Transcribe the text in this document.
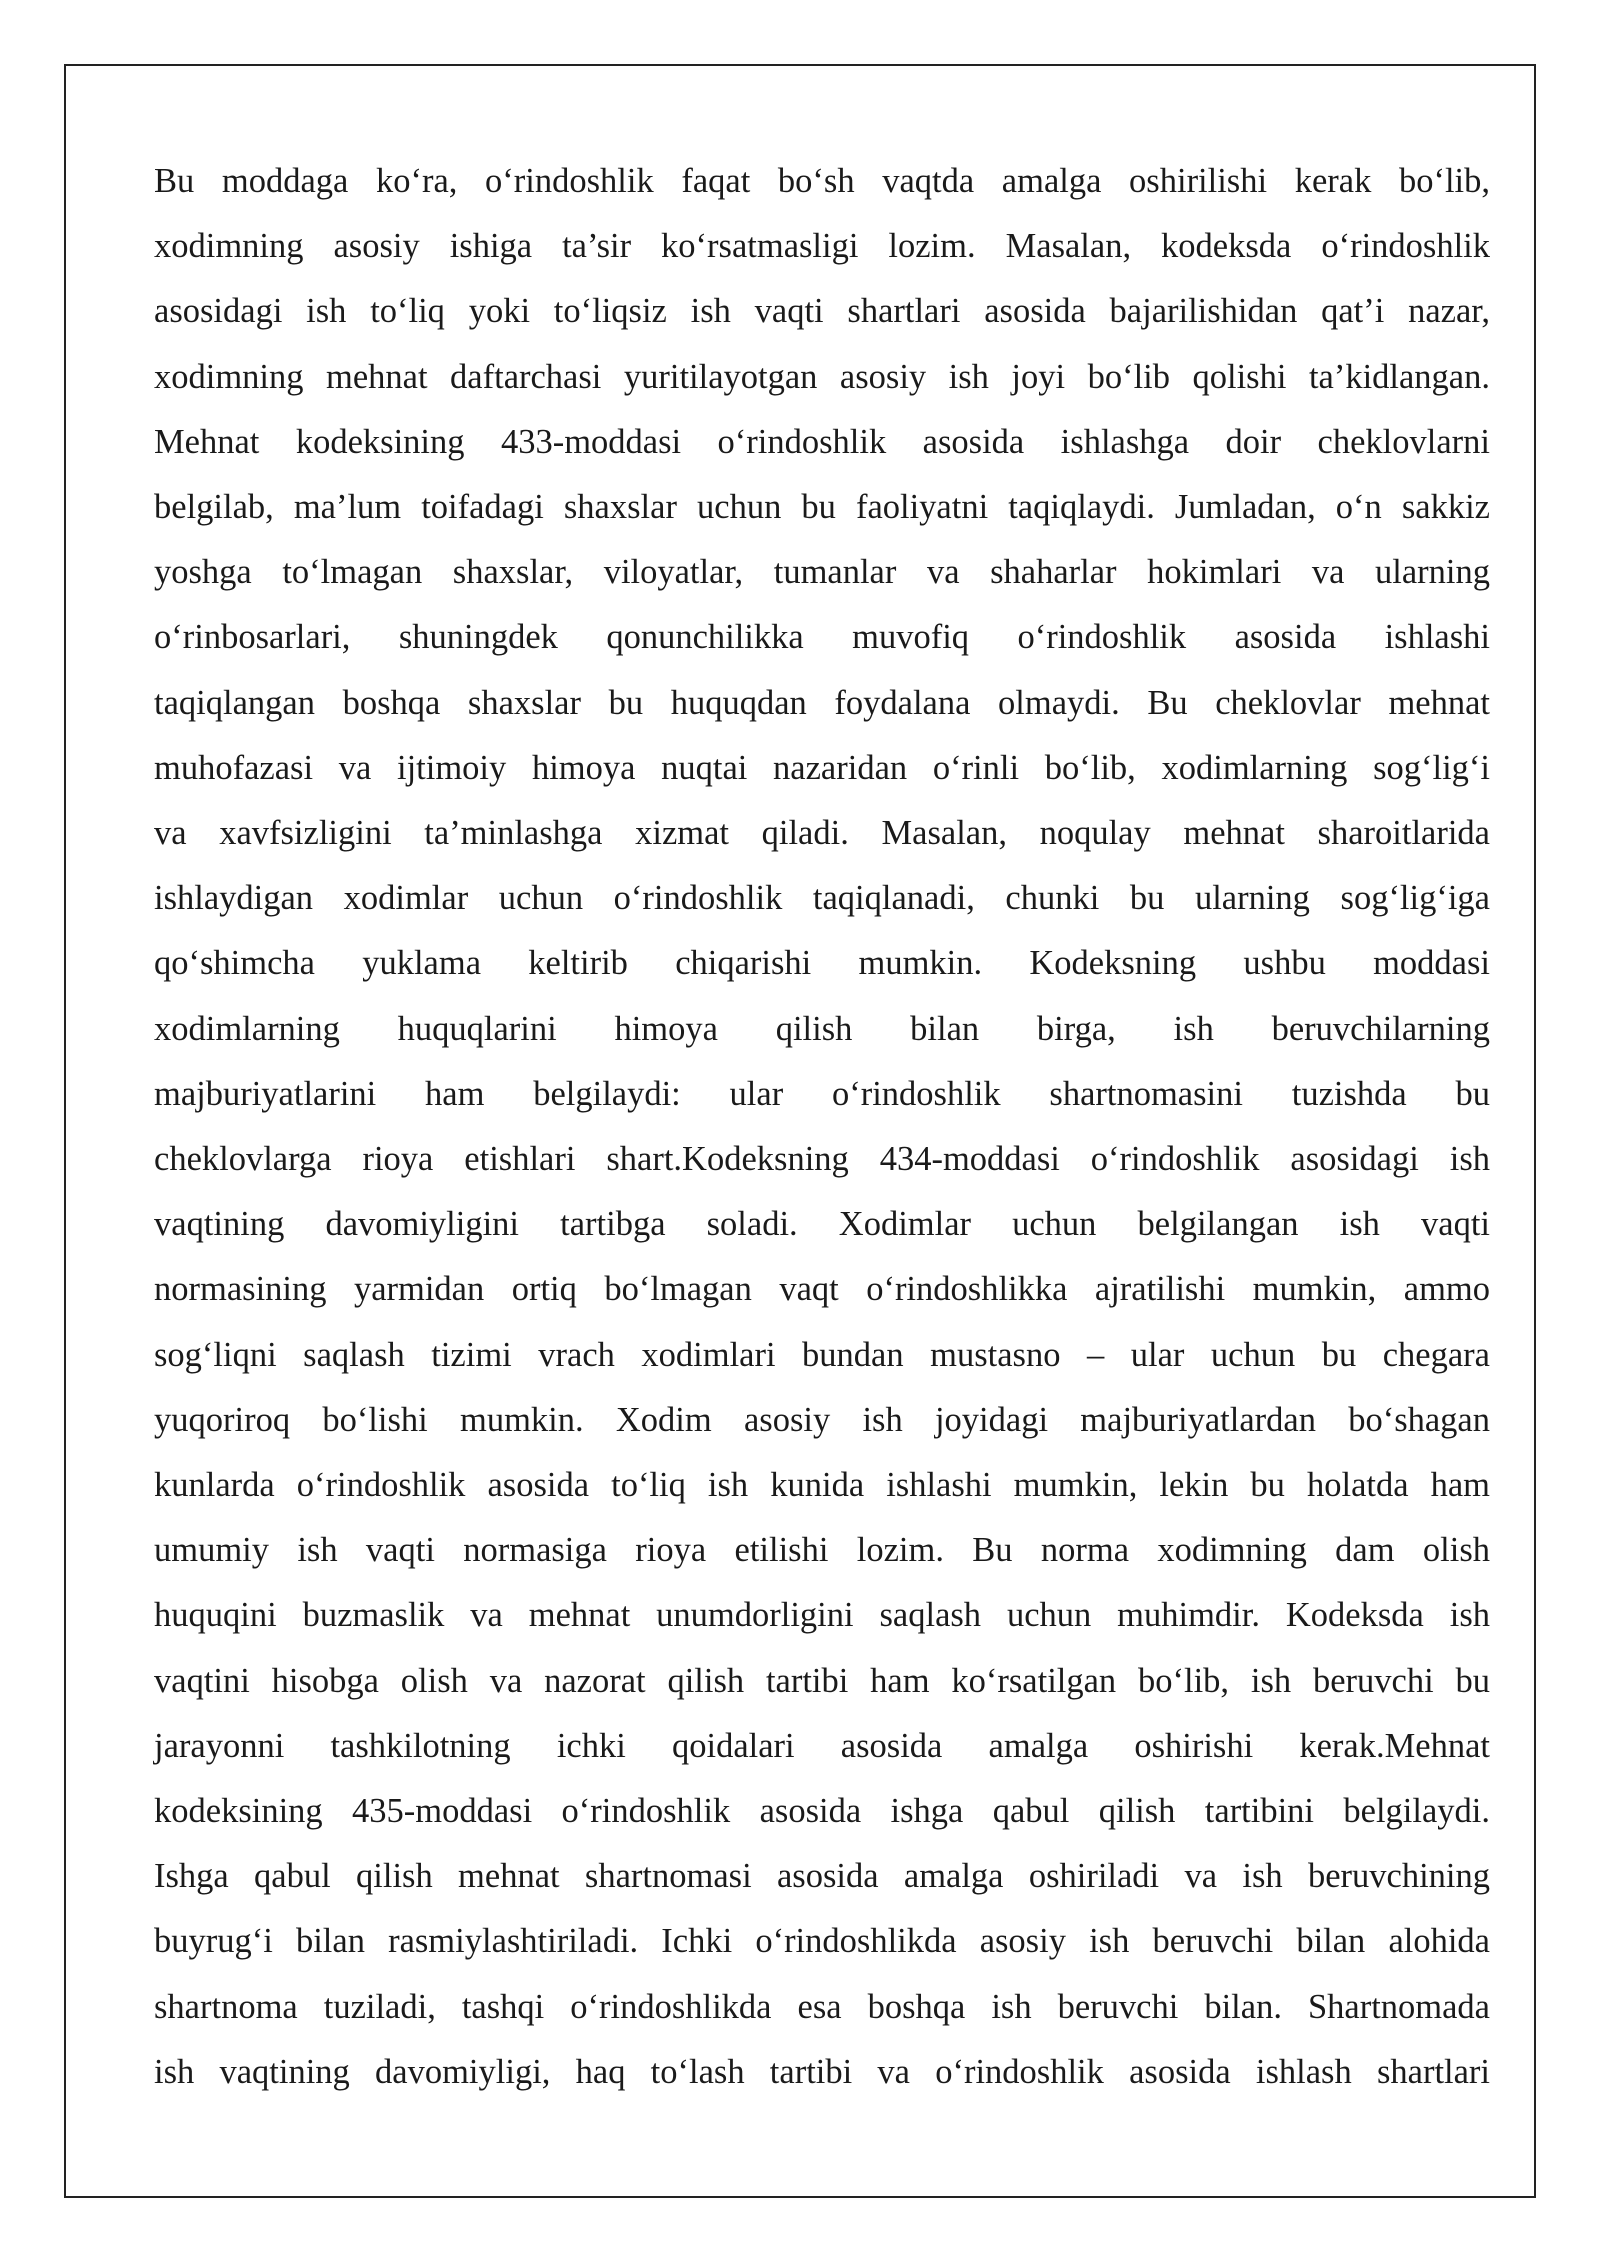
Bu moddaga ko‘ra, o‘rindoshlik faqat bo‘sh vaqtda amalga oshirilishi kerak bo‘lib,
xodimning asosiy ishiga ta’sir ko‘rsatmasligi lozim. Masalan, kodeksda o‘rindoshlik
asosidagi ish to‘liq yoki to‘liqsiz ish vaqti shartlari asosida bajarilishidan qat’i nazar,
xodimning mehnat daftarchasi yuritilayotgan asosiy ish joyi bo‘lib qolishi ta’kidlangan.
Mehnat kodeksining 433-moddasi o‘rindoshlik asosida ishlashga doir cheklovlarni
belgilab, ma’lum toifadagi shaxslar uchun bu faoliyatni taqiqlaydi. Jumladan, o‘n sakkiz
yoshga to‘lmagan shaxslar, viloyatlar, tumanlar va shaharlar hokimlari va ularning
o‘rinbosarlari, shuningdek qonunchilikka muvofiq o‘rindoshlik asosida ishlashi
taqiqlangan boshqa shaxslar bu huquqdan foydalana olmaydi. Bu cheklovlar mehnat
muhofazasi va ijtimoiy himoya nuqtai nazaridan o‘rinli bo‘lib, xodimlarning sog‘lig‘i
va xavfsizligini ta’minlashga xizmat qiladi. Masalan, noqulay mehnat sharoitlarida
ishlaydigan xodimlar uchun o‘rindoshlik taqiqlanadi, chunki bu ularning sog‘lig‘iga
qo‘shimcha yuklama keltirib chiqarishi mumkin. Kodeksning ushbu moddasi
xodimlarning huquqlarini himoya qilish bilan birga, ish beruvchilarning
majburiyatlarini ham belgilaydi: ular o‘rindoshlik shartnomasini tuzishda bu
cheklovlarga rioya etishlari shart.Kodeksning 434-moddasi o‘rindoshlik asosidagi ish
vaqtining davomiyligini tartibga soladi. Xodimlar uchun belgilangan ish vaqti
normasining yarmidan ortiq bo‘lmagan vaqt o‘rindoshlikka ajratilishi mumkin, ammo
sog‘liqni saqlash tizimi vrach xodimlari bundan mustasno – ular uchun bu chegara
yuqoriroq bo‘lishi mumkin. Xodim asosiy ish joyidagi majburiyatlardan bo‘shagan
kunlarda o‘rindoshlik asosida to‘liq ish kunida ishlashi mumkin, lekin bu holatda ham
umumiy ish vaqti normasiga rioya etilishi lozim. Bu norma xodimning dam olish
huquqini buzmaslik va mehnat unumdorligini saqlash uchun muhimdir. Kodeksda ish
vaqtini hisobga olish va nazorat qilish tartibi ham ko‘rsatilgan bo‘lib, ish beruvchi bu
jarayonni tashkilotning ichki qoidalari asosida amalga oshirishi kerak.Mehnat
kodeksining 435-moddasi o‘rindoshlik asosida ishga qabul qilish tartibini belgilaydi.
Ishga qabul qilish mehnat shartnomasi asosida amalga oshiriladi va ish beruvchining
buyrug‘i bilan rasmiylashtiriladi. Ichki o‘rindoshlikda asosiy ish beruvchi bilan alohida
shartnoma tuziladi, tashqi o‘rindoshlikda esa boshqa ish beruvchi bilan. Shartnomada
ish vaqtining davomiyligi, haq to‘lash tartibi va o‘rindoshlik asosida ishlash shartlari
